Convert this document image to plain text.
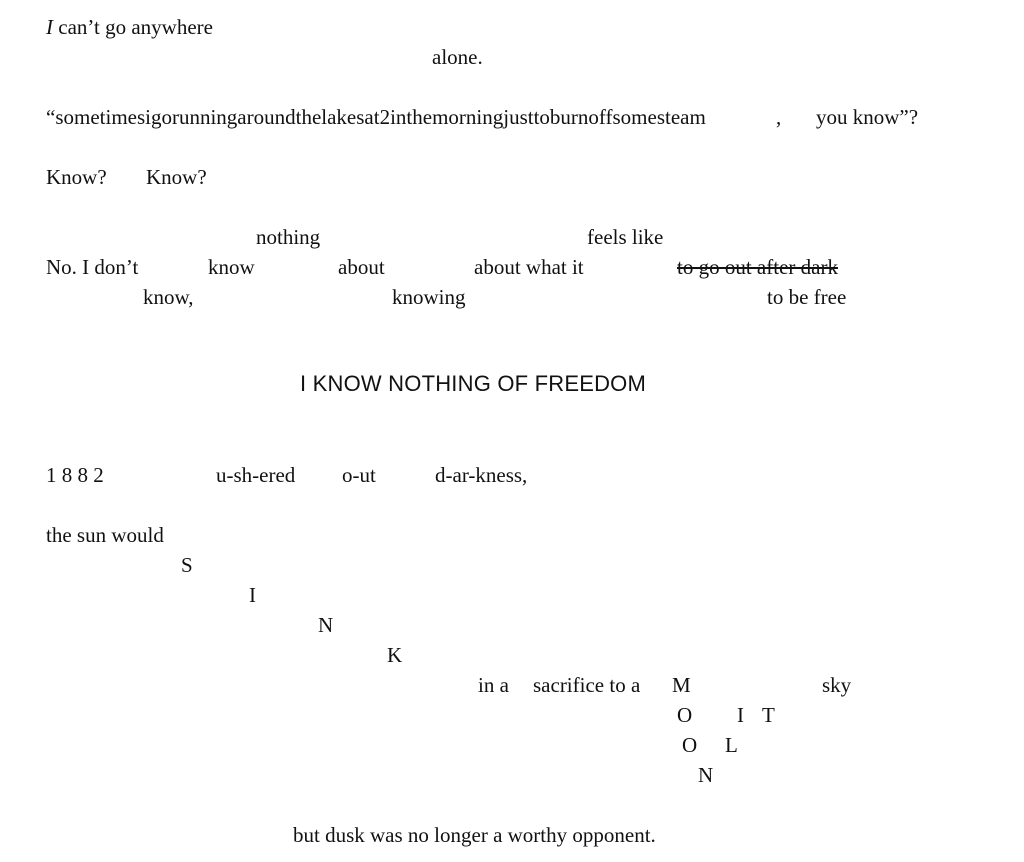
I can’t go anywhere
alone.
“sometimesigorunningaroundthelakesat2inthemorningjusttoburnoffsomesteam	, you know”?
Know? Know?
nothing	feels like
No. I don’t	know	about	about what it	to go out after dark
know,	knowing	to be free
I KNOW NOTHING OF FREEDOM
1 8 8 2	u-sh-ered o-ut	d-ar-kness,
the sun would
S
I
N
K
in a sacrifice to a M	sky
O I T
O L
N
but dusk was no longer a worthy opponent.
